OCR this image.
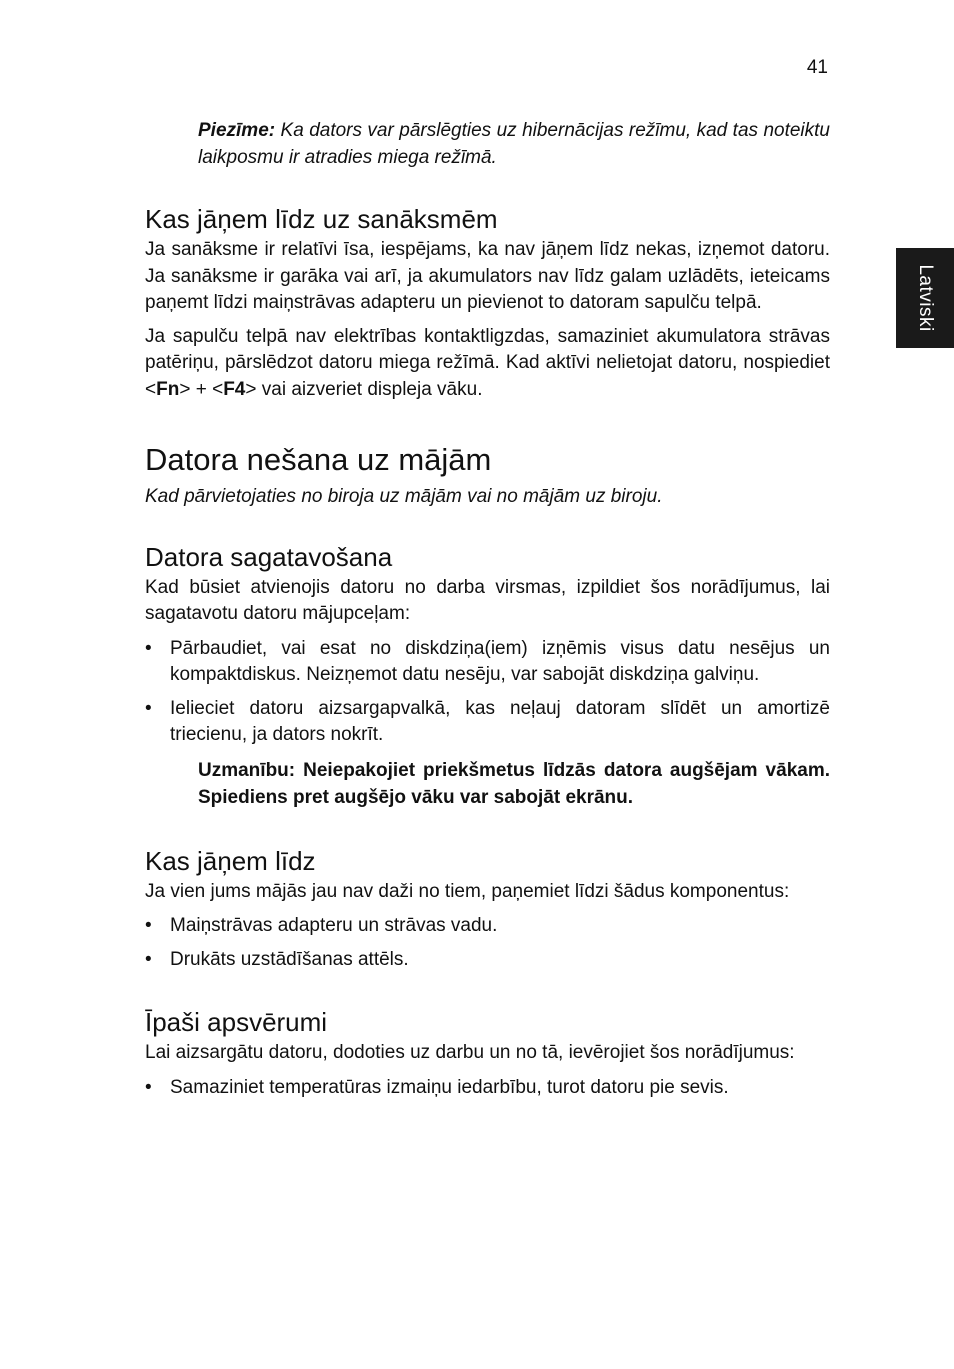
41
Latviski

Piezīme: Ka dators var pārslēgties uz hibernācijas režīmu, kad tas noteiktu laikposmu ir atradies miega režīmā.

Kas jāņem līdz uz sanāksmēm

Ja sanāksme ir relatīvi īsa, iespējams, ka nav jāņem līdz nekas, izņemot datoru. Ja sanāksme ir garāka vai arī, ja akumulators nav līdz galam uzlādēts, ieteicams paņemt līdzi maiņstrāvas adapteru un pievienot to datoram sapulču telpā.

Ja sapulču telpā nav elektrības kontaktligzdas, samaziniet akumulatora strāvas patēriņu, pārslēdzot datoru miega režīmā. Kad aktīvi nelietojat datoru, nospiediet <Fn> + <F4> vai aizveriet displeja vāku.

Datora nešana uz mājām

Kad pārvietojaties no biroja uz mājām vai no mājām uz biroju.

Datora sagatavošana

Kad būsiet atvienojis datoru no darba virsmas, izpildiet šos norādījumus, lai sagatavotu datoru mājupceļam:

• Pārbaudiet, vai esat no diskdziņa(iem) izņēmis visus datu nesējus un kompaktdiskus. Neizņemot datu nesēju, var sabojāt diskdziņa galviņu.
• Ielieciet datoru aizsargapvalkā, kas neļauj datoram slīdēt un amortizē triecienu, ja dators nokrīt.

Uzmanību: Neiepakojiet priekšmetus līdzās datora augšējam vākam. Spiediens pret augšējo vāku var sabojāt ekrānu.

Kas jāņem līdz

Ja vien jums mājās jau nav daži no tiem, paņemiet līdzi šādus komponentus:

• Maiņstrāvas adapteru un strāvas vadu.
• Drukāts uzstādīšanas attēls.
Īpaši apsvērumi

Lai aizsargātu datoru, dodoties uz darbu un no tā, ievērojiet šos norādījumus:

• Samaziniet temperatūras izmaiņu iedarbību, turot datoru pie sevis.
